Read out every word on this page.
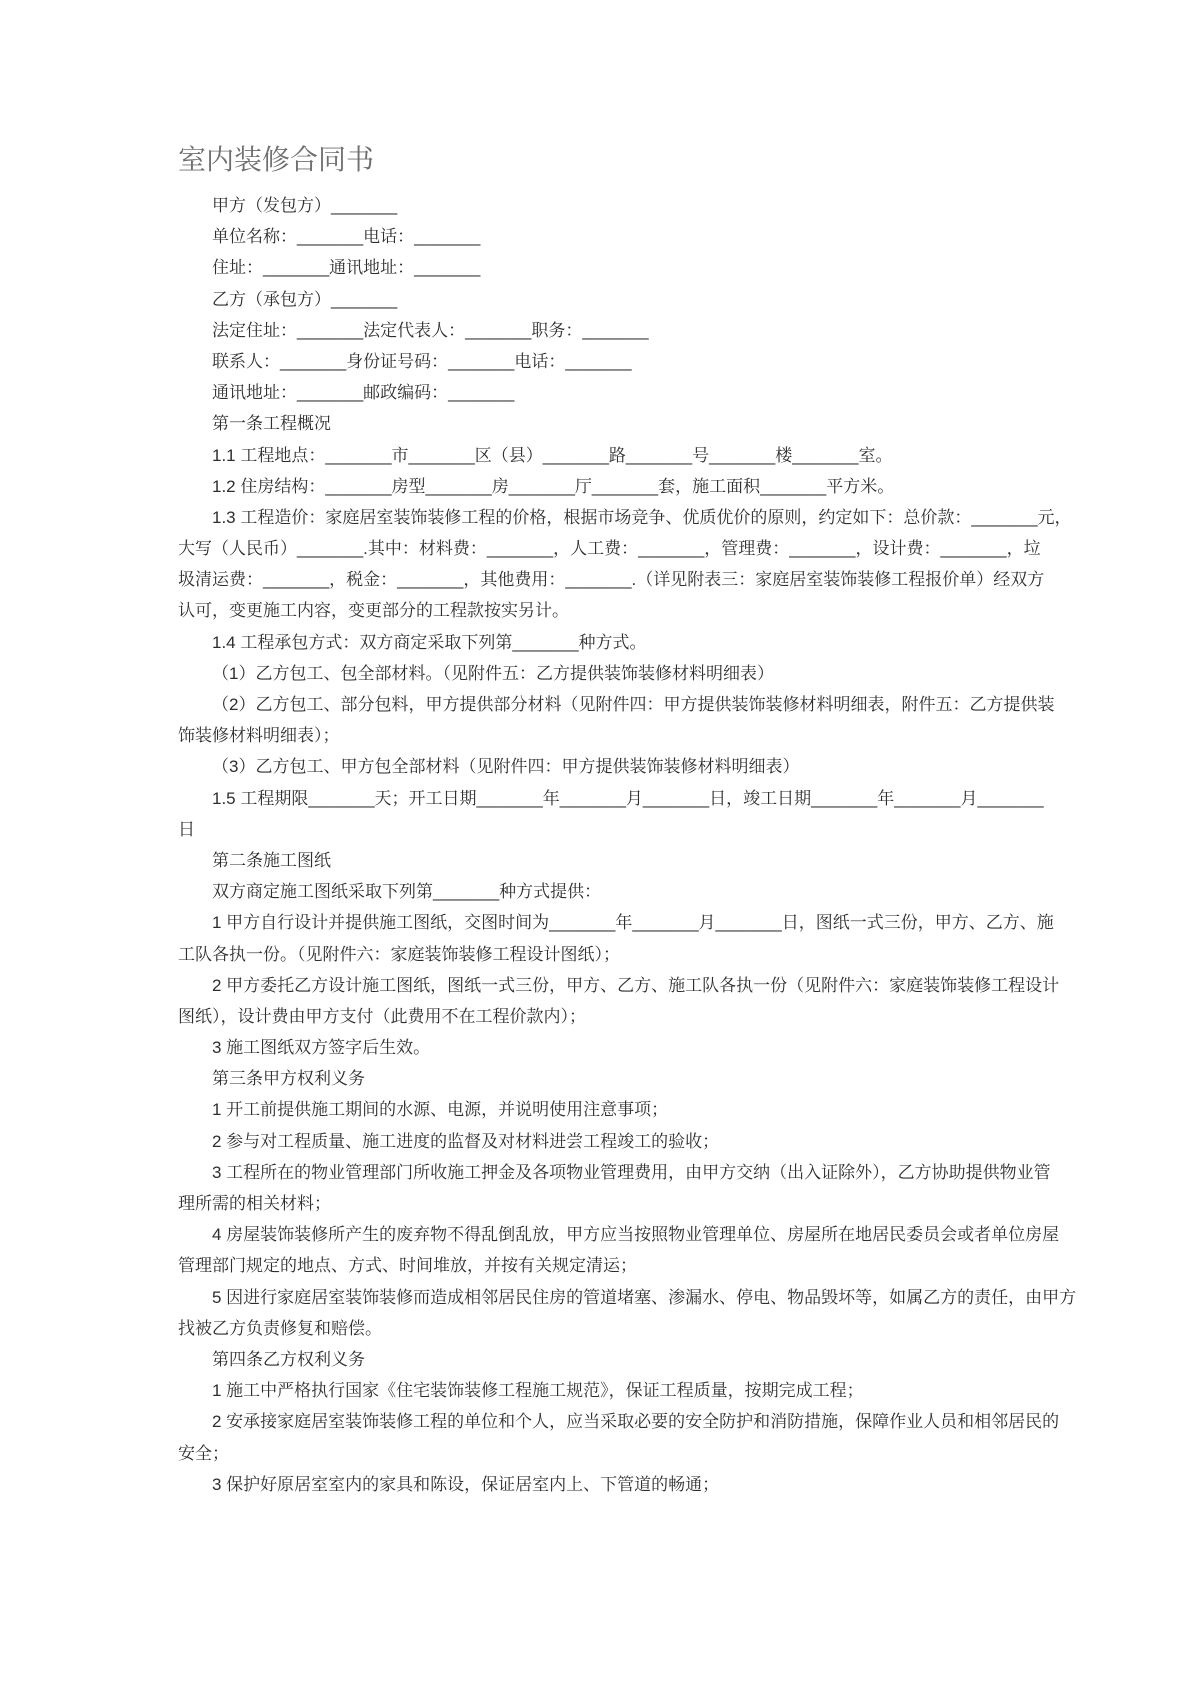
室内装修合同书
甲方（发包方）_______
单位名称：_______电话：_______
住址：_______通讯地址：_______
乙方（承包方）_______
法定住址：_______法定代表人：_______职务：_______
联系人：_______身份证号码：_______电话：_______
通讯地址：_______邮政编码：_______
第一条工程概况
1.1 工程地点：_______市_______区（县）_______路_______号_______楼_______室。
1.2 住房结构：_______房型_______房_______厅_______套，施工面积_______平方米。
1.3 工程造价：家庭居室装饰装修工程的价格，根据市场竞争、优质优价的原则，约定如下：总价款：_______元，
大写（人民币）_______.其中：材料费：_______，人工费：_______，管理费：_______，设计费：_______，垃
圾清运费：_______，税金：_______，其他费用：_______.（详见附表三：家庭居室装饰装修工程报价单）经双方
认可，变更施工内容，变更部分的工程款按实另计。
1.4 工程承包方式：双方商定采取下列第_______种方式。
（1）乙方包工、包全部材料。（见附件五：乙方提供装饰装修材料明细表）
（2）乙方包工、部分包料，甲方提供部分材料（见附件四：甲方提供装饰装修材料明细表，附件五：乙方提供装
饰装修材料明细表）；
（3）乙方包工、甲方包全部材料（见附件四：甲方提供装饰装修材料明细表）
1.5 工程期限_______天；开工日期_______年_______月_______日，竣工日期_______年_______月_______
日
第二条施工图纸
双方商定施工图纸采取下列第_______种方式提供：
1 甲方自行设计并提供施工图纸，交图时间为_______年_______月_______日，图纸一式三份，甲方、乙方、施
工队各执一份。（见附件六：家庭装饰装修工程设计图纸）；
2 甲方委托乙方设计施工图纸，图纸一式三份，甲方、乙方、施工队各执一份（见附件六：家庭装饰装修工程设计
图纸），设计费由甲方支付（此费用不在工程价款内）；
3 施工图纸双方签字后生效。
第三条甲方权利义务
1 开工前提供施工期间的水源、电源，并说明使用注意事项；
2 参与对工程质量、施工进度的监督及对材料进尝工程竣工的验收；
3 工程所在的物业管理部门所收施工押金及各项物业管理费用，由甲方交纳（出入证除外），乙方协助提供物业管
理所需的相关材料；
4 房屋装饰装修所产生的废弃物不得乱倒乱放，甲方应当按照物业管理单位、房屋所在地居民委员会或者单位房屋
管理部门规定的地点、方式、时间堆放，并按有关规定清运；
5 因进行家庭居室装饰装修而造成相邻居民住房的管道堵塞、渗漏水、停电、物品毁坏等，如属乙方的责任，由甲方
找被乙方负责修复和赔偿。
第四条乙方权利义务
1 施工中严格执行国家《住宅装饰装修工程施工规范》，保证工程质量，按期完成工程；
2 安承接家庭居室装饰装修工程的单位和个人，应当采取必要的安全防护和消防措施，保障作业人员和相邻居民的
安全；
3 保护好原居室室内的家具和陈设，保证居室内上、下管道的畅通；
